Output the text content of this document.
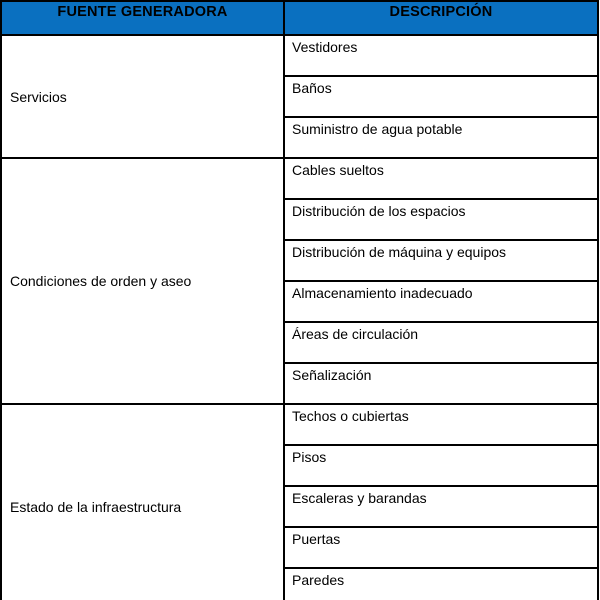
FUENTE GENERADORA	DESCRIPCIÓN
Servicios	Vestidores
	Baños
	Suministro de agua potable
Condiciones de orden y aseo	Cables sueltos
	Distribución de los espacios
	Distribución de máquina y equipos
	Almacenamiento inadecuado
	Áreas de circulación
	Señalización
Estado de la infraestructura	Techos o cubiertas
	Pisos
	Escaleras y barandas
	Puertas
	Paredes
